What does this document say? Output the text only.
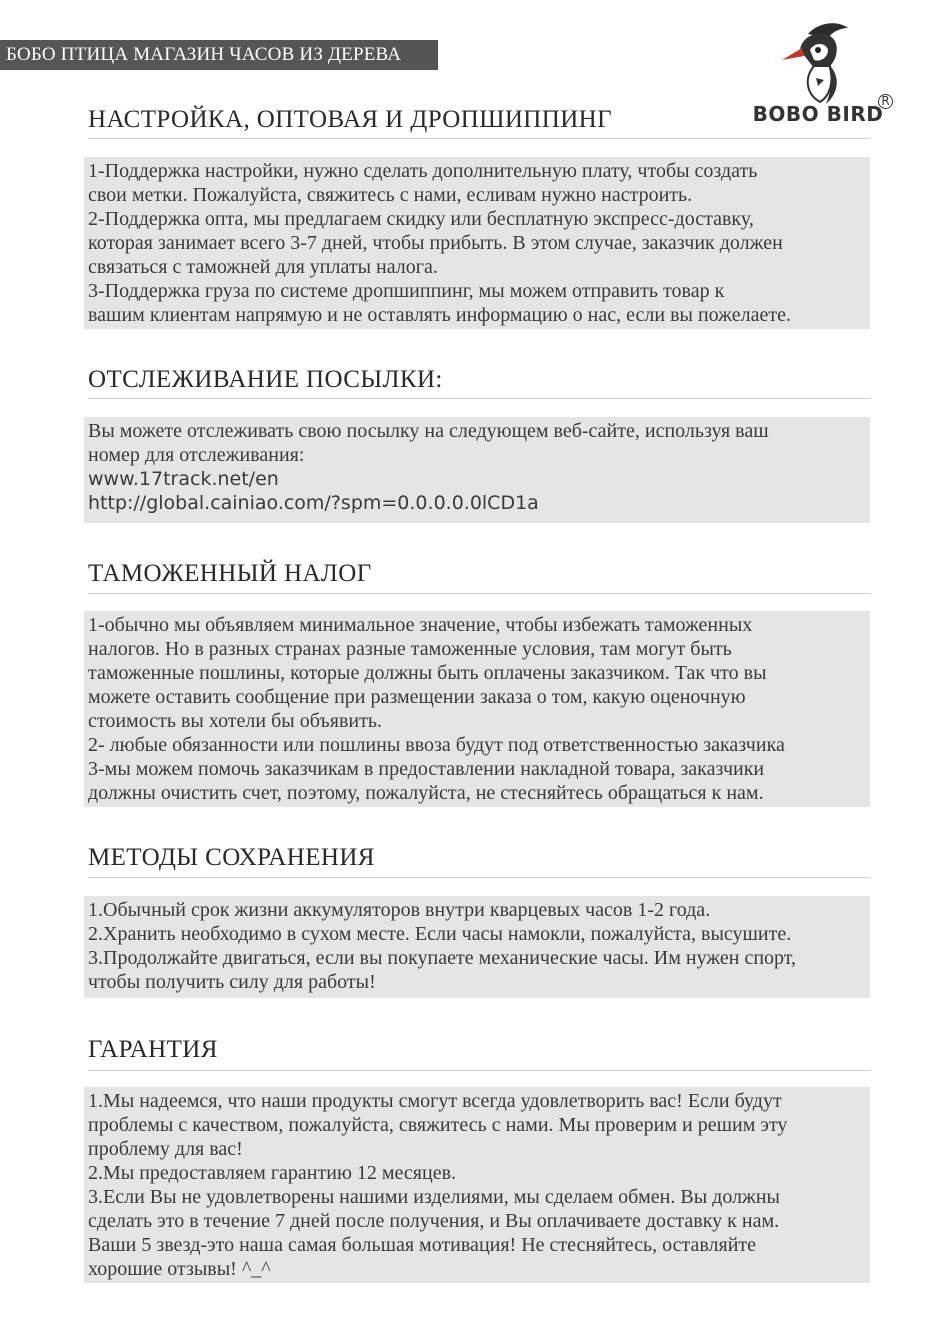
БОБО ПТИЦА МАГАЗИН ЧАСОВ ИЗ ДЕРЕВА
BOBO BIRD
R
НАСТРОЙКА, ОПТОВАЯ И ДРОПШИППИНГ
1-Поддержка настройки, нужно сделать дополнительную плату, чтобы создать
свои метки. Пожалуйста, свяжитесь с нами, есливам нужно настроить.
2-Поддержка опта, мы предлагаем скидку или бесплатную экспресс-доставку,
которая занимает всего 3-7 дней, чтобы прибыть. В этом случае, заказчик должен
связаться с таможней для уплаты налога.
3-Поддержка груза по системе дропшиппинг, мы можем отправить товар к
вашим клиентам напрямую и не оставлять информацию о нас, если вы пожелаете.
ОТСЛЕЖИВАНИЕ ПОСЫЛКИ:
Вы можете отслеживать свою посылку на следующем веб-сайте, используя ваш
номер для отслеживания:
www.17track.net/en
http://global.cainiao.com/?spm=0.0.0.0.0lCD1a
ТАМОЖЕННЫЙ НАЛОГ
1-обычно мы объявляем минимальное значение, чтобы избежать таможенных
налогов. Но в разных странах разные таможенные условия, там могут быть
таможенные пошлины, которые должны быть оплачены заказчиком. Так что вы
можете оставить сообщение при размещении заказа о том, какую оценочную
стоимость вы хотели бы объявить.
2- любые обязанности или пошлины ввоза будут под ответственностью заказчика
3-мы можем помочь заказчикам в предоставлении накладной товара, заказчики
должны очистить счет, поэтому, пожалуйста, не стесняйтесь обращаться к нам.
МЕТОДЫ СОХРАНЕНИЯ
1.Обычный срок жизни аккумуляторов внутри кварцевых часов 1-2 года.
2.Хранить необходимо в сухом месте. Если часы намокли, пожалуйста, высушите.
3.Продолжайте двигаться, если вы покупаете механические часы. Им нужен спорт,
чтобы получить силу для работы!
ГАРАНТИЯ
1.Мы надеемся, что наши продукты смогут всегда удовлетворить вас! Если будут
проблемы с качеством, пожалуйста, свяжитесь с нами. Мы проверим и решим эту
проблему для вас!
2.Мы предоставляем гарантию 12 месяцев.
3.Если Вы не удовлетворены нашими изделиями, мы сделаем обмен. Вы должны
сделать это в течение 7 дней после получения, и Вы оплачиваете доставку к нам.
Ваши 5 звезд-это наша самая большая мотивация! Не стесняйтесь, оставляйте
хорошие отзывы! ^_^
